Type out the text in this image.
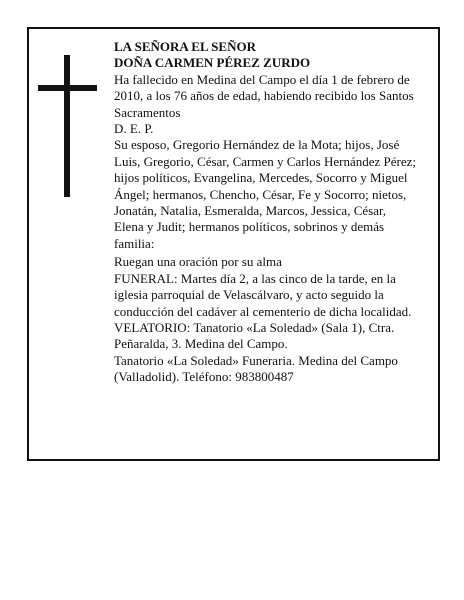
LA SEÑORA EL SEÑOR

DOÑA CARMEN PÉREZ ZURDO

Ha fallecido en Medina del Campo el día 1 de febrero de 2010, a los 76 años de edad, habiendo recibido los Santos Sacramentos

D. E. P.

Su esposo, Gregorio Hernández de la Mota; hijos, José Luis, Gregorio, César, Carmen y Carlos Hernández Pérez; hijos políticos, Evangelina, Mercedes, Socorro y Miguel Ángel; hermanos, Chencho, César, Fe y Socorro; nietos, Jonatán, Natalia, Esmeralda, Marcos, Jessica, César, Elena y Judit; hermanos políticos, sobrinos y demás familia:

Ruegan una oración por su alma

FUNERAL: Martes día 2, a las cinco de la tarde, en la iglesia parroquial de Velascálvaro, y acto seguido la conducción del cadáver al cementerio de dicha localidad.

VELATORIO: Tanatorio «La Soledad» (Sala 1), Ctra. Peñaralda, 3. Medina del Campo.

Tanatorio «La Soledad» Funeraria. Medina del Campo (Valladolid). Teléfono: 983800487
